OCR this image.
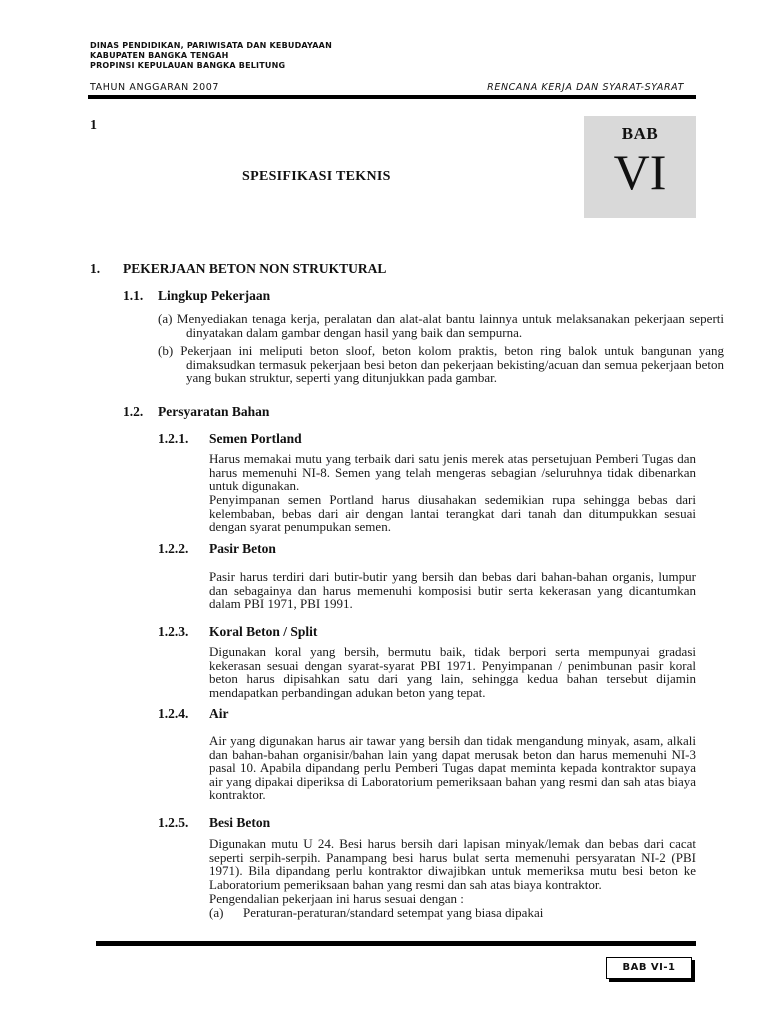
DINAS PENDIDIKAN, PARIWISATA DAN KEBUDAYAAN
KABUPATEN BANGKA TENGAH
PROPINSI KEPULAUAN BANGKA BELITUNG
TAHUN ANGGARAN 2007	RENCANA KERJA DAN SYARAT-SYARAT
1	BAB
VI
SPESIFIKASI TEKNIS
1. PEKERJAAN BETON NON STRUKTURAL
1.1. Lingkup Pekerjaan
(a) Menyediakan tenaga kerja, peralatan dan alat-alat bantu lainnya untuk melaksanakan pekerjaan seperti dinyatakan dalam gambar dengan hasil yang baik dan sempurna.
(b) Pekerjaan ini meliputi beton sloof, beton kolom praktis, beton ring balok untuk bangunan yang dimaksudkan termasuk pekerjaan besi beton dan pekerjaan bekisting/acuan dan semua pekerjaan beton yang bukan struktur, seperti yang ditunjukkan pada gambar.
1.2. Persyaratan Bahan
1.2.1. Semen Portland
Harus memakai mutu yang terbaik dari satu jenis merek atas persetujuan Pemberi Tugas dan harus memenuhi NI-8. Semen yang telah mengeras sebagian /seluruhnya tidak dibenarkan untuk digunakan.
Penyimpanan semen Portland harus diusahakan sedemikian rupa sehingga bebas dari kelembaban, bebas dari air dengan lantai terangkat dari tanah dan ditumpukkan sesuai dengan syarat penumpukan semen.
1.2.2. Pasir Beton
Pasir harus terdiri dari butir-butir yang bersih dan bebas dari bahan-bahan organis, lumpur dan sebagainya dan harus memenuhi komposisi butir serta kekerasan yang dicantumkan dalam PBI 1971, PBI 1991.
1.2.3. Koral Beton / Split
Digunakan koral yang bersih, bermutu baik, tidak berpori serta mempunyai gradasi kekerasan sesuai dengan syarat-syarat PBI 1971. Penyimpanan / penimbunan pasir koral beton harus dipisahkan satu dari yang lain, sehingga kedua bahan tersebut dijamin mendapatkan perbandingan adukan beton yang tepat.
1.2.4. Air
Air yang digunakan harus air tawar yang bersih dan tidak mengandung minyak, asam, alkali dan bahan-bahan organisir/bahan lain yang dapat merusak beton dan harus memenuhi NI-3 pasal 10. Apabila dipandang perlu Pemberi Tugas dapat meminta kepada kontraktor supaya air yang dipakai diperiksa di Laboratorium pemeriksaan bahan yang resmi dan sah atas biaya kontraktor.
1.2.5. Besi Beton
Digunakan mutu U 24. Besi harus bersih dari lapisan minyak/lemak dan bebas dari cacat seperti serpih-serpih. Panampang besi harus bulat serta memenuhi persyaratan NI-2 (PBI 1971). Bila dipandang perlu kontraktor diwajibkan untuk memeriksa mutu besi beton ke Laboratorium pemeriksaan bahan yang resmi dan sah atas biaya kontraktor.
Pengendalian pekerjaan ini harus sesuai dengan :
(a) Peraturan-peraturan/standard setempat yang biasa dipakai
BAB VI-1
